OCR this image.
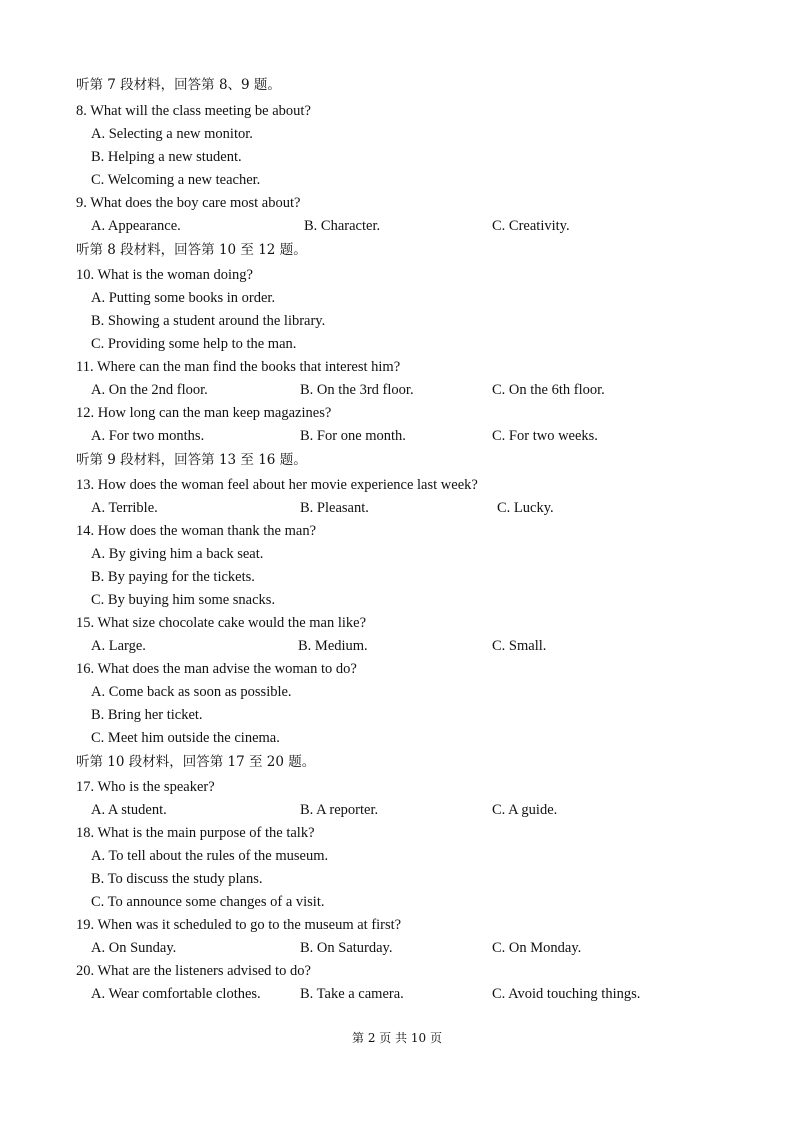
听第 7 段材料，回答第 8、9 题。
8. What will the class meeting be about?
A. Selecting a new monitor.
B. Helping a new student.
C. Welcoming a new teacher.
9. What does the boy care most about?
A. Appearance.	B. Character.	C. Creativity.
听第 8 段材料，回答第 10 至 12 题。
10. What is the woman doing?
A. Putting some books in order.
B. Showing a student around the library.
C. Providing some help to the man.
11. Where can the man find the books that interest him?
A. On the 2nd floor.	B. On the 3rd floor.	C. On the 6th floor.
12. How long can the man keep magazines?
A. For two months.	B. For one month.	C. For two weeks.
听第 9 段材料，回答第 13 至 16 题。
13. How does the woman feel about her movie experience last week?
A. Terrible.	B. Pleasant.	C. Lucky.
14. How does the woman thank the man?
A. By giving him a back seat.
B. By paying for the tickets.
C. By buying him some snacks.
15. What size chocolate cake would the man like?
A. Large.	B. Medium.	C. Small.
16. What does the man advise the woman to do?
A. Come back as soon as possible.
B. Bring her ticket.
C. Meet him outside the cinema.
听第 10 段材料，回答第 17 至 20 题。
17. Who is the speaker?
A. A student.	B. A reporter.	C. A guide.
18. What is the main purpose of the talk?
A. To tell about the rules of the museum.
B. To discuss the study plans.
C. To announce some changes of a visit.
19. When was it scheduled to go to the museum at first?
A. On Sunday.	B. On Saturday.	C. On Monday.
20. What are the listeners advised to do?
A. Wear comfortable clothes.	B. Take a camera.	C. Avoid touching things.
第 2 页 共 10 页
